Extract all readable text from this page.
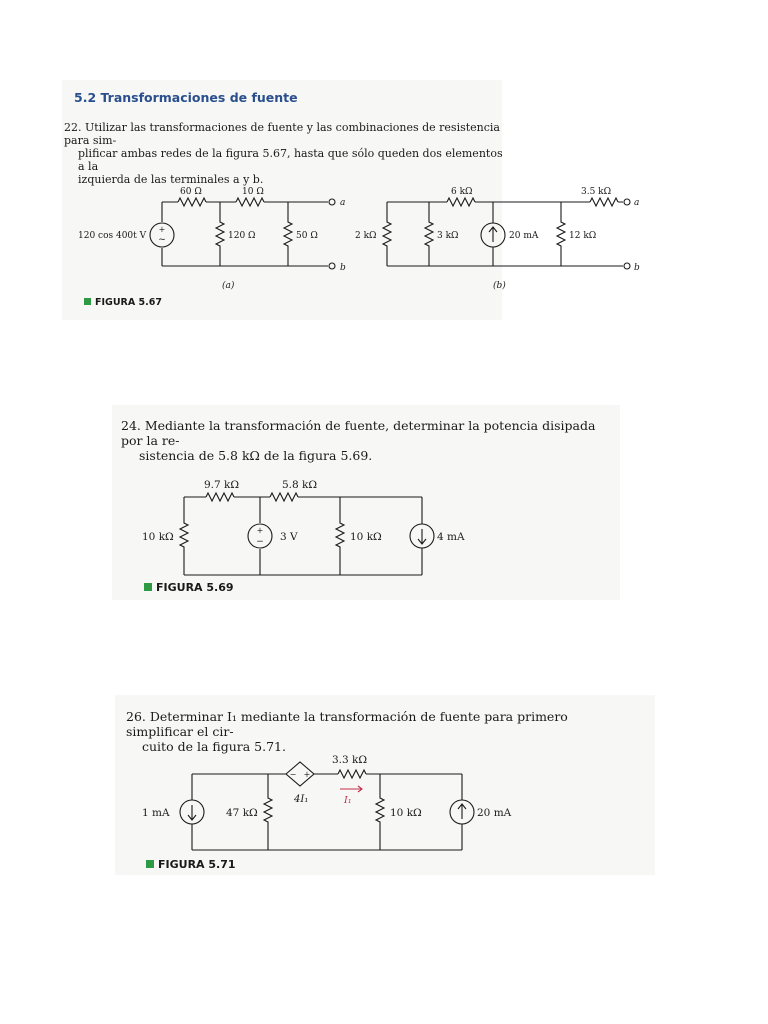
5.2 Transformaciones de fuente
22. Utilizar las transformaciones de fuente y las combinaciones de resistencia para sim-
plificar ambas redes de la figura 5.67, hasta que sólo queden dos elementos a la
izquierda de las terminales a y b.
+
~
60 Ω	10 Ω
120 cos 400t V	120 Ω	50 Ω
a
b
(a)
6 kΩ	3.5 kΩ
2 kΩ	3 kΩ	20 mA	12 kΩ
a
b
(b)
FIGURA 5.67
24. Mediante la transformación de fuente, determinar la potencia disipada por la re-
sistencia de 5.8 kΩ de la figura 5.69.
+
−
9.7 kΩ	5.8 kΩ
10 kΩ	3 V	10 kΩ	4 mA
FIGURA 5.69
26. Determinar I₁ mediante la transformación de fuente para primero simplificar el cir-
cuito de la figura 5.71.
− +
3.3 kΩ
4I₁	I₁
1 mA	47 kΩ	10 kΩ	20 mA
FIGURA 5.71
